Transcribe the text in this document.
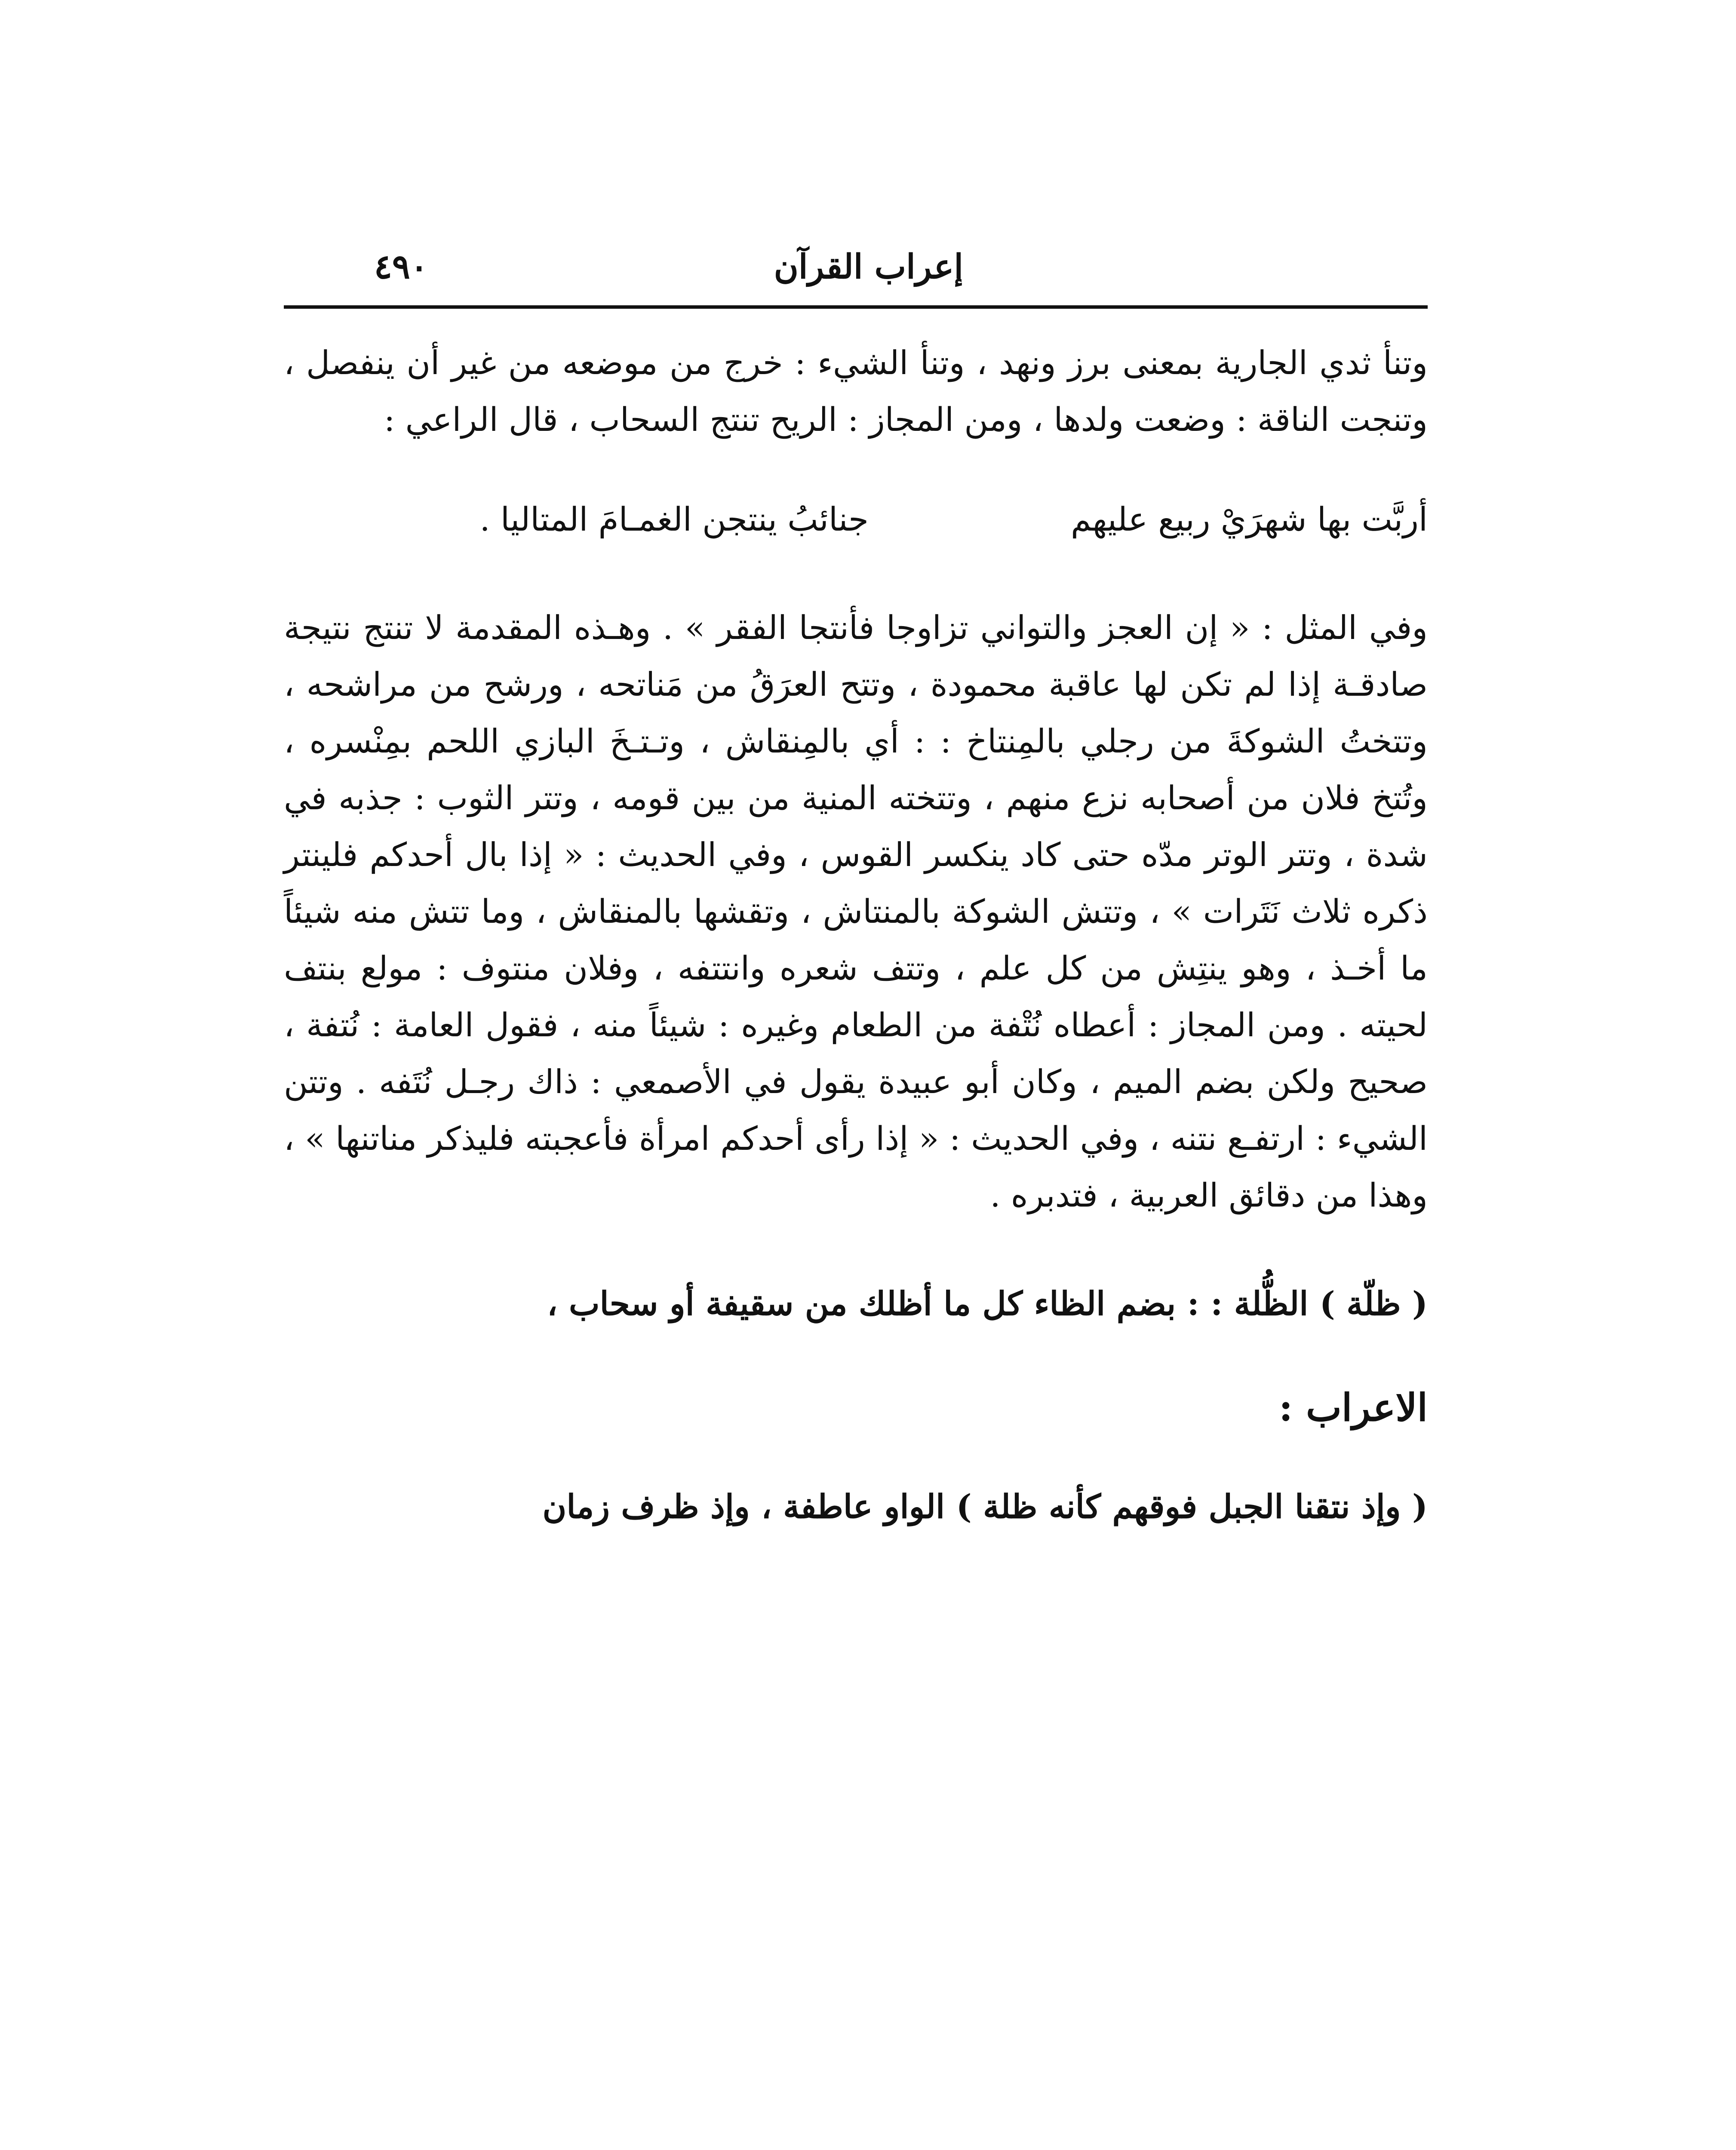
إعراب القرآن
٤٩٠

وتنأ ثدي الجارية بمعنى برز ونهد ، وتنأ الشيء : خرج من موضعه من غير أن ينفصل ، وتنجت الناقة : وضعت ولدها ، ومن المجاز : الريح تنتج السحاب ، قال الراعي :

أربَّت بها شهرَيْ ربيع عليهم
جنائبُ ينتجن الغمـامَ المتاليا .

وفي المثل : « إن العجز والتواني تزاوجا فأنتجا الفقر » . وهـذه المقدمة لا تنتج نتيجة صادقـة إذا لم تكن لها عاقبة محمودة ، وتتح العرَقُ من مَناتحه ، ورشح من مراشحه ، وتتختُ الشوكةَ من رجلي بالمِنتاخ : : أي بالمِنقاش ، وتـتـخَ البازي اللحم بمِنْسره ، وتُتخ فلان من أصحابه نزع منهم ، وتتخته المنية من بين قومه ، وتتر الثوب : جذبه في شدة ، وتتر الوتر مدّه حتى كاد ينكسر القوس ، وفي الحديث : « إذا بال أحدكم فلينتر ذكره ثلاث نَتَرات » ، وتتش الشوكة بالمنتاش ، وتقشها بالمنقاش ، وما تتش منه شيئاً ما أخـذ ، وهو ينتِش من كل علم ، وتتف شعره وانتتفه ، وفلان منتوف : مولع بنتف لحيته . ومن المجاز : أعطاه نُتْفة من الطعام وغيره : شيئاً منه ، فقول العامة : نُتفة ، صحيح ولكن بضم الميم ، وكان أبو عبيدة يقول في الأصمعي : ذاك رجـل نُتَفه . وتتن الشيء : ارتفـع نتنه ، وفي الحديث : « إذا رأى أحدكم امرأة فأعجبته فليذكر مناتنها » ، وهذا من دقائق العربية ، فتدبره .

( ظلّة ) الظُّلة : : بضم الظاء كل ما أظلك من سقيفة أو سحاب ،

الاعراب :

( وإذ نتقنا الجبل فوقهم كأنه ظلة ) الواو عاطفة ، وإذ ظرف زمان
